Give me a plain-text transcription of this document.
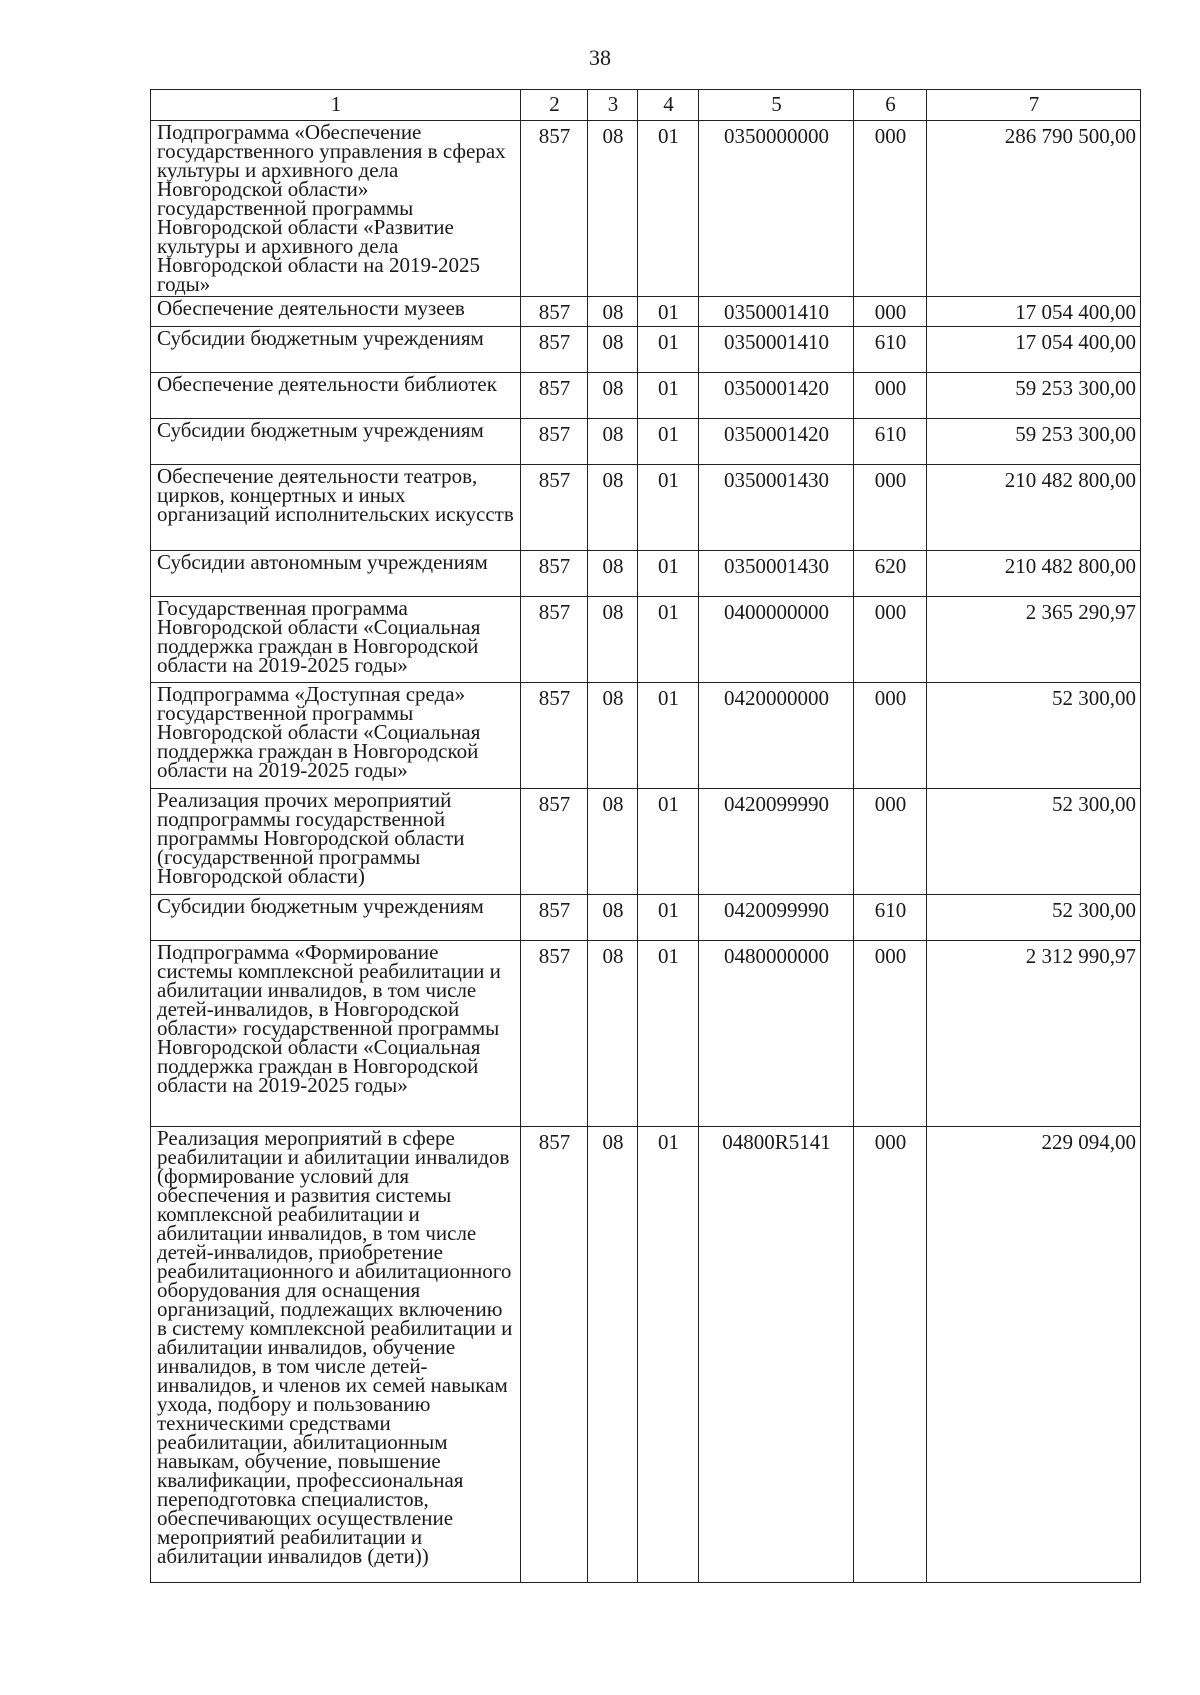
38
1	2	3	4	5	6	7
Подпрограмма «Обеспечение государственного управления в сферах культуры и архивного дела Новгородской области» государственной программы Новгородской области «Развитие культуры и архивного дела Новгородской области на 2019-2025 годы»	857	08	01	0350000000	000	286 790 500,00
Обеспечение деятельности музеев	857	08	01	0350001410	000	17 054 400,00
Субсидии бюджетным учреждениям	857	08	01	0350001410	610	17 054 400,00
Обеспечение деятельности библиотек	857	08	01	0350001420	000	59 253 300,00
Субсидии бюджетным учреждениям	857	08	01	0350001420	610	59 253 300,00
Обеспечение деятельности театров, цирков, концертных и иных организаций исполнительских искусств	857	08	01	0350001430	000	210 482 800,00
Субсидии автономным учреждениям	857	08	01	0350001430	620	210 482 800,00
Государственная программа Новгородской области «Социальная поддержка граждан в Новгородской области на 2019-2025 годы»	857	08	01	0400000000	000	2 365 290,97
Подпрограмма «Доступная среда» государственной программы Новгородской области «Социальная поддержка граждан в Новгородской области на 2019-2025 годы»	857	08	01	0420000000	000	52 300,00
Реализация прочих мероприятий подпрограммы государственной программы Новгородской области (государственной программы Новгородской области)	857	08	01	0420099990	000	52 300,00
Субсидии бюджетным учреждениям	857	08	01	0420099990	610	52 300,00
Подпрограмма «Формирование системы комплексной реабилитации и абилитации инвалидов, в том числе детей-инвалидов, в Новгородской области» государственной программы Новгородской области «Социальная поддержка граждан в Новгородской области на 2019-2025 годы»	857	08	01	0480000000	000	2 312 990,97
Реализация мероприятий в сфере реабилитации и абилитации инвалидов (формирование условий для обеспечения и развития системы комплексной реабилитации и абилитации инвалидов, в том числе детей-инвалидов, приобретение реабилитационного и абилитационного оборудования для оснащения организаций, подлежащих включению в систему комплексной реабилитации и абилитации инвалидов, обучение инвалидов, в том числе детей-инвалидов, и членов их семей навыкам ухода, подбору и пользованию техническими средствами реабилитации, абилитационным навыкам, обучение, повышение квалификации, профессиональная переподготовка специалистов, обеспечивающих осуществление мероприятий реабилитации и абилитации инвалидов (дети))	857	08	01	04800R5141	000	229 094,00
